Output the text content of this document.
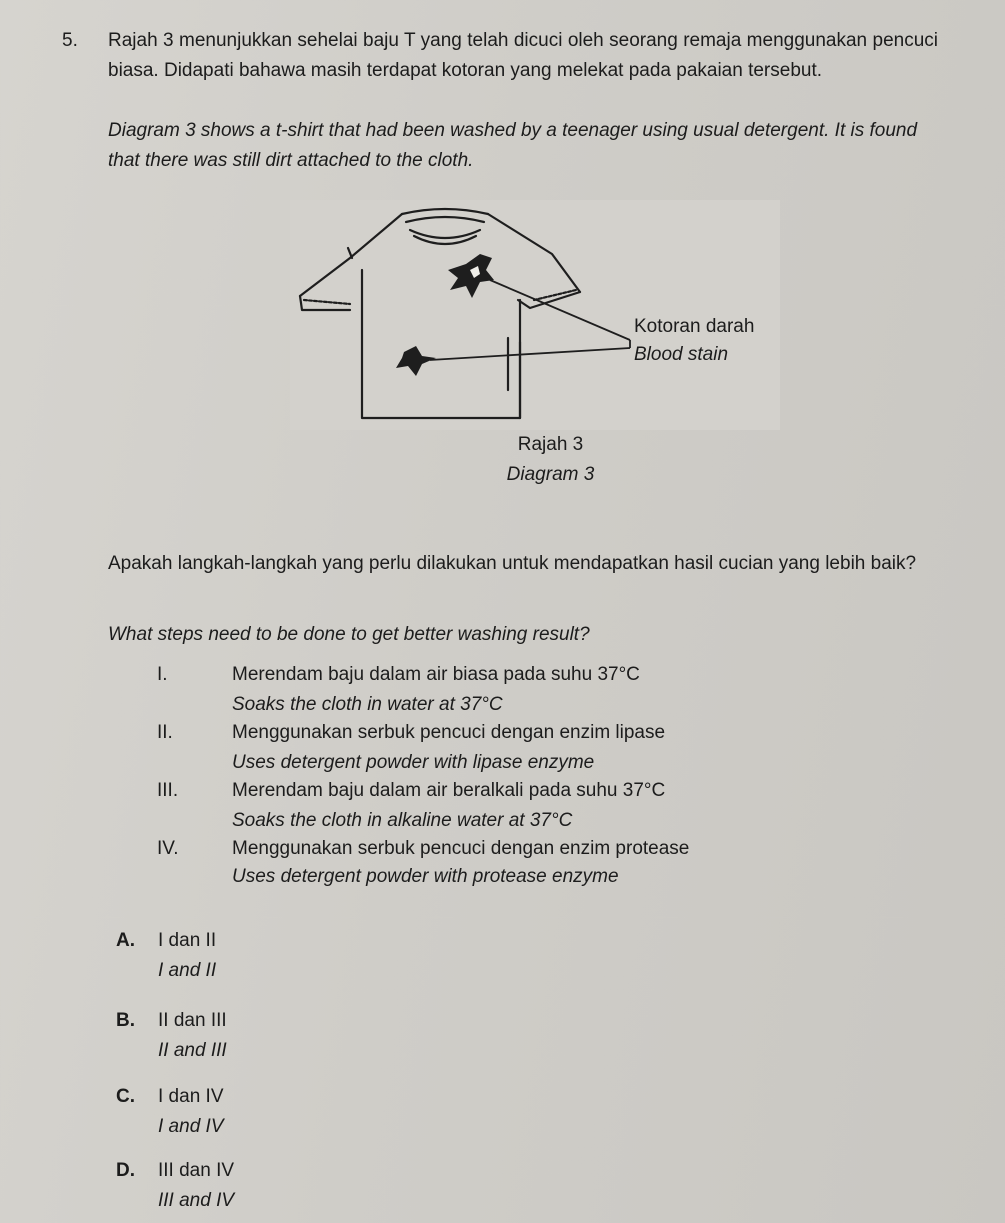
5. Rajah 3 menunjukkan sehelai baju T yang telah dicuci oleh seorang remaja menggunakan pencuci biasa. Didapati bahawa masih terdapat kotoran yang melekat pada pakaian tersebut.
Diagram 3 shows a t-shirt that had been washed by a teenager using usual detergent. It is found that there was still dirt attached to the cloth.
Kotoran darah
Blood stain
Rajah 3
Diagram 3
Apakah langkah-langkah yang perlu dilakukan untuk mendapatkan hasil cucian yang lebih baik?
What steps need to be done to get better washing result?
I.	Merendam baju dalam air biasa pada suhu 37°C
Soaks the cloth in water at 37°C
II.	Menggunakan serbuk pencuci dengan enzim lipase
Uses detergent powder with lipase enzyme
III.	Merendam baju dalam air beralkali pada suhu 37°C
Soaks the cloth in alkaline water at 37°C
IV.	Menggunakan serbuk pencuci dengan enzim protease
Uses detergent powder with protease enzyme
A. I dan II
I and II
B. II dan III
II and III
C. I dan IV
I and IV
D. III dan IV
III and IV
